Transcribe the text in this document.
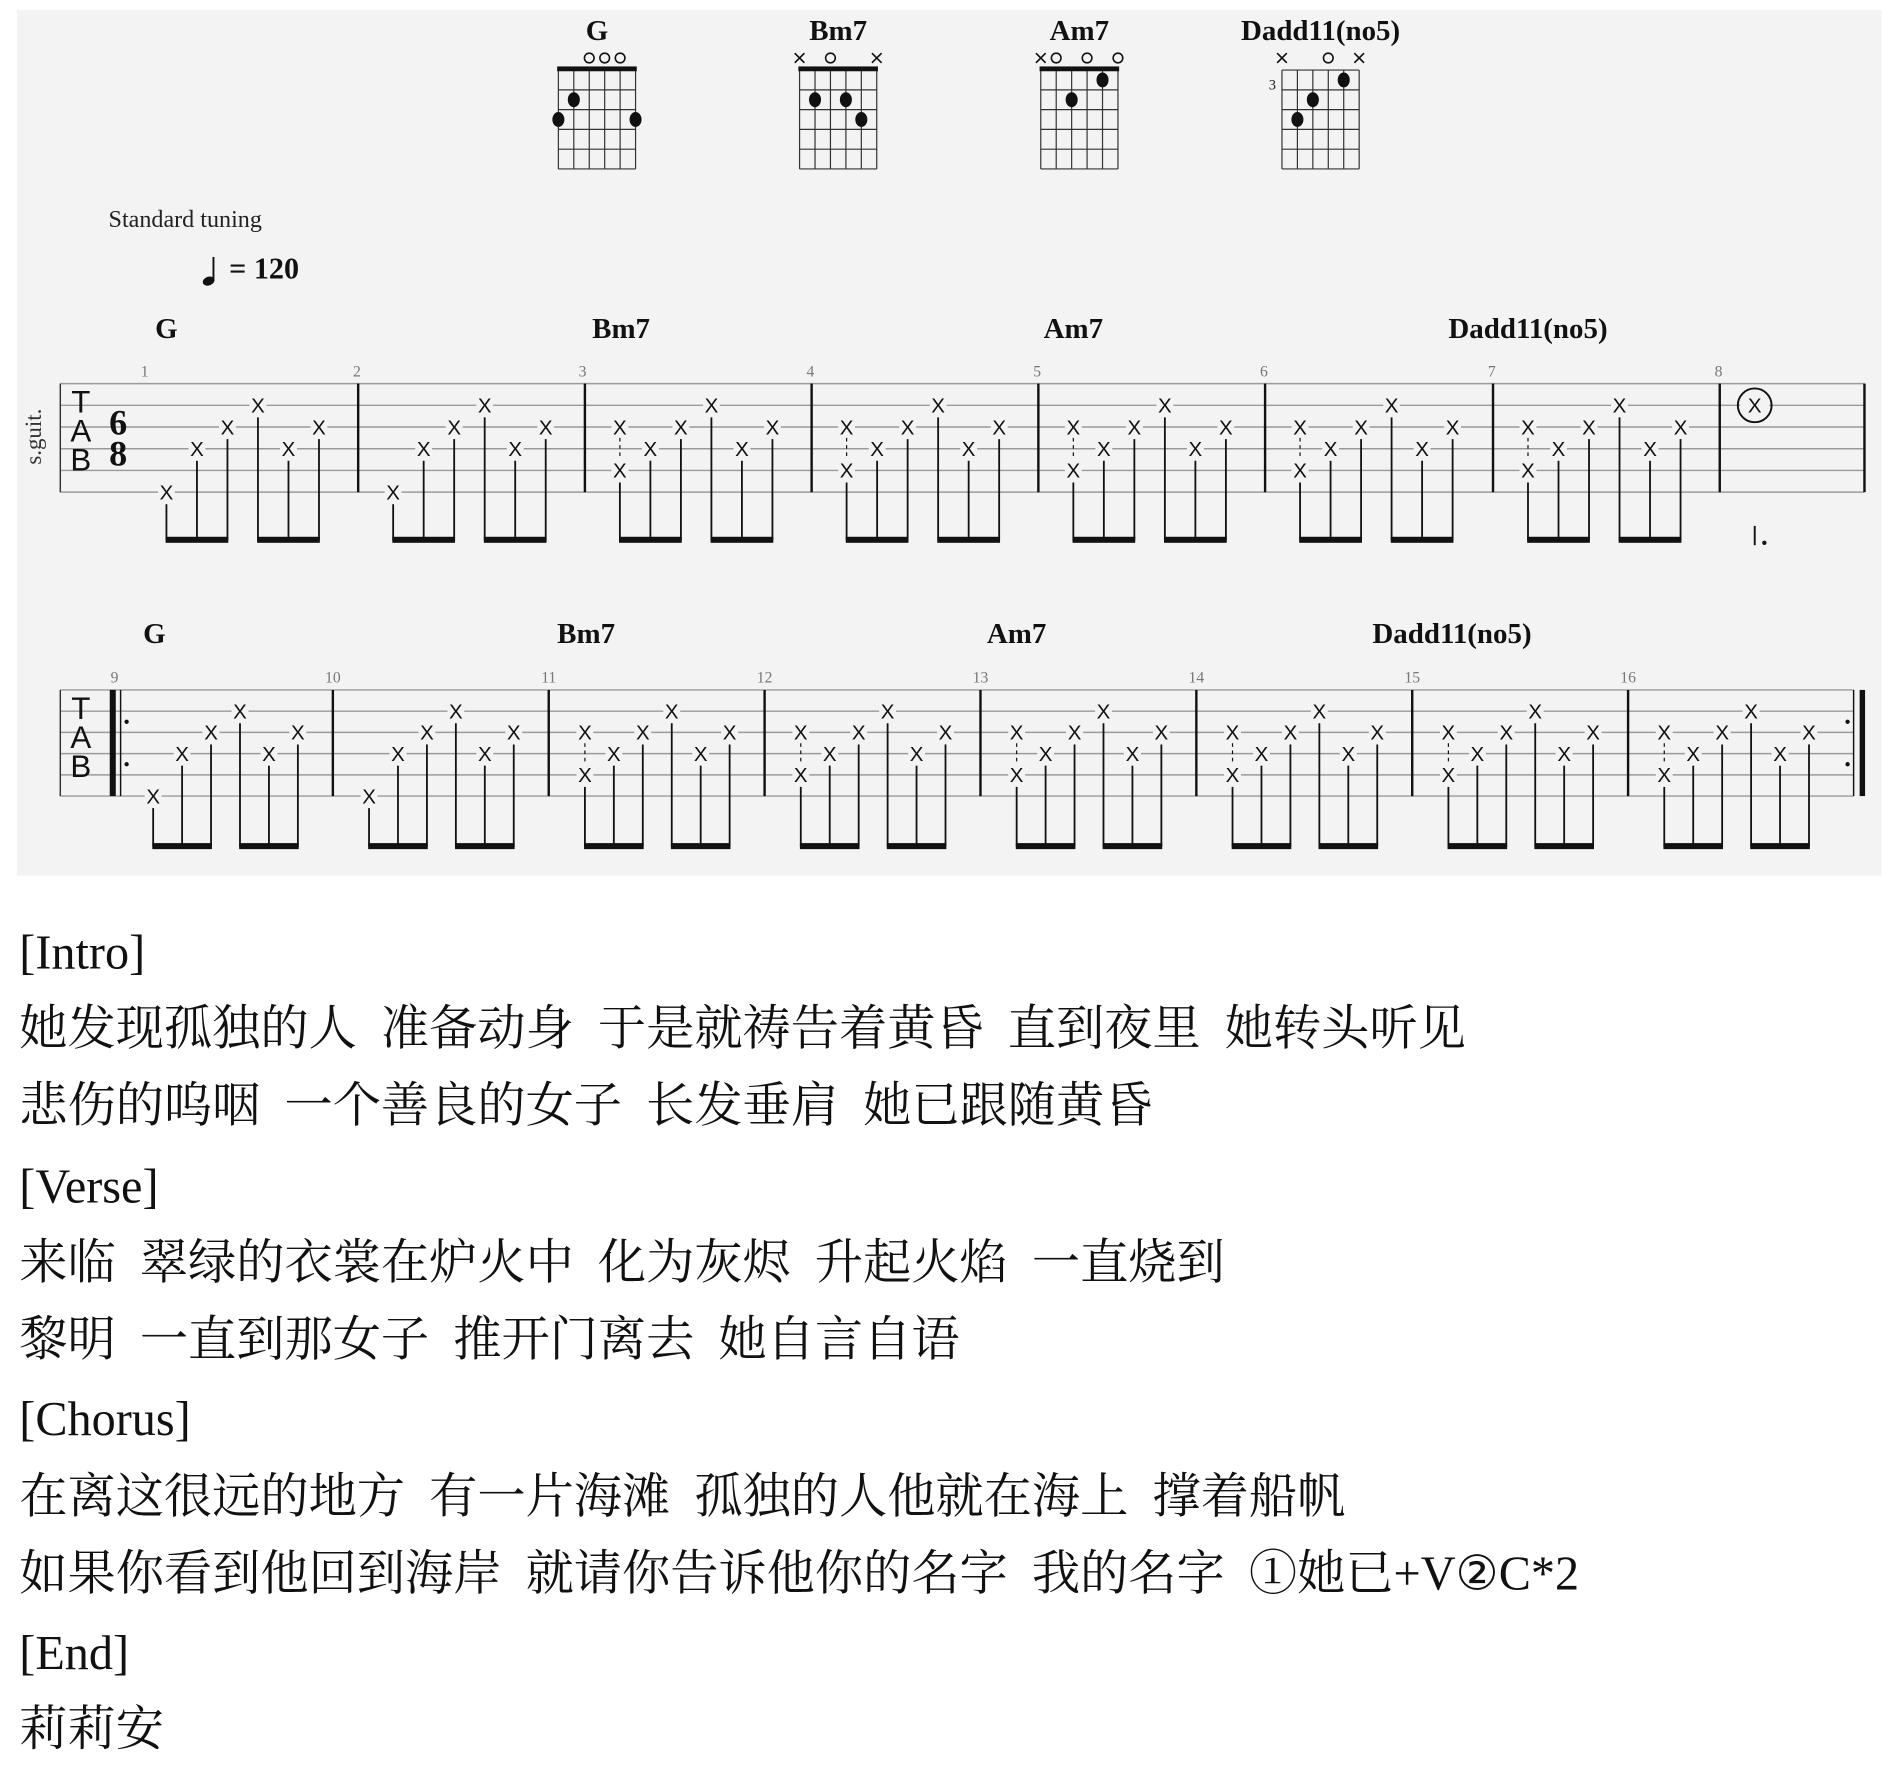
G	Bm7	Am7	Dadd11(no5)
3
Standard tuning
= 120
s.guit.
G	Bm7	Am7	Dadd11(no5)
T
A
B
6
8
1
X
X
X
X
X
X
2
X
X
X
X
X
X
3
X
X
X
X
X
X
X
4
X
X
X
X
X
X
X
5
X
X
X
X
X
X
X
6
X
X
X
X
X
X
X
7
X
X
X
X
X
X
X
8
X
G	Bm7	Am7	Dadd11(no5)
T
A
B
9
X
X
X
X
X
X
10
X
X
X
X
X
X
11
X
X
X
X
X
X
X
12
X
X
X
X
X
X
X
13
X
X
X
X
X
X
X
14
X
X
X
X
X
X
X
15
X
X
X
X
X
X
X
16
X
X
X
X
X
X
X
[Intro]
她发现孤独的人  准备动身  于是就祷告着黄昏  直到夜里  她转头听见
悲伤的呜咽  一个善良的女子  长发垂肩  她已跟随黄昏
[Verse]
来临  翠绿的衣裳在炉火中  化为灰烬  升起火焰  一直烧到
黎明  一直到那女子  推开门离去  她自言自语
[Chorus]
在离这很远的地方  有一片海滩  孤独的人他就在海上  撑着船帆
如果你看到他回到海岸  就请你告诉他你的名字  我的名字  ①她已+V②C*2
[End]
莉莉安
